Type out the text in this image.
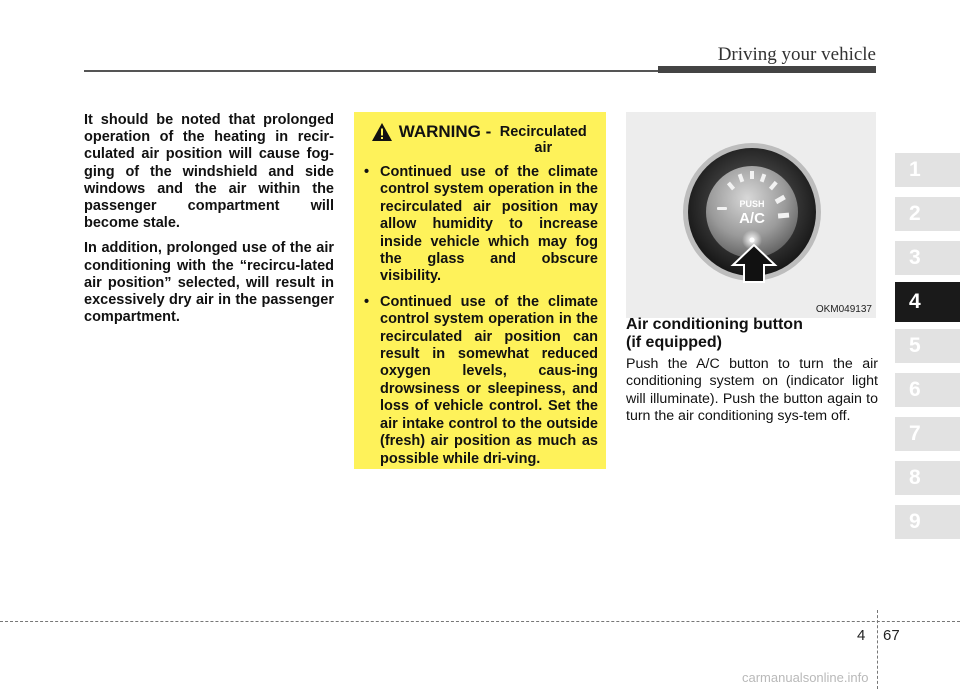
Driving your vehicle

It should be noted that prolonged operation of the heating in recir-culated air position will cause fog-ging of the windshield and side windows and the air within the passenger compartment will become stale.

In addition, prolonged use of the air conditioning with the “recircu-lated air position” selected, will result in excessively dry air in the passenger compartment.

WARNING - Recirculated air
• Continued use of the climate control system operation in the recirculated air position may allow humidity to increase inside vehicle which may fog the glass and obscure visibility.
• Continued use of the climate control system operation in the recirculated air position can result in somewhat reduced oxygen levels, caus-ing drowsiness or sleepiness, and loss of vehicle control. Set the air intake control to the outside (fresh) air position as much as possible while dri-ving.
PUSH
A/C
OKM049137
Air conditioning button
(if equipped)
Push the A/C button to turn the air conditioning system on (indicator light will illuminate). Push the button again to turn the air conditioning sys-tem off.
1
2
3
4
5
6
7
8
9
4 67
carmanualsonline.info
